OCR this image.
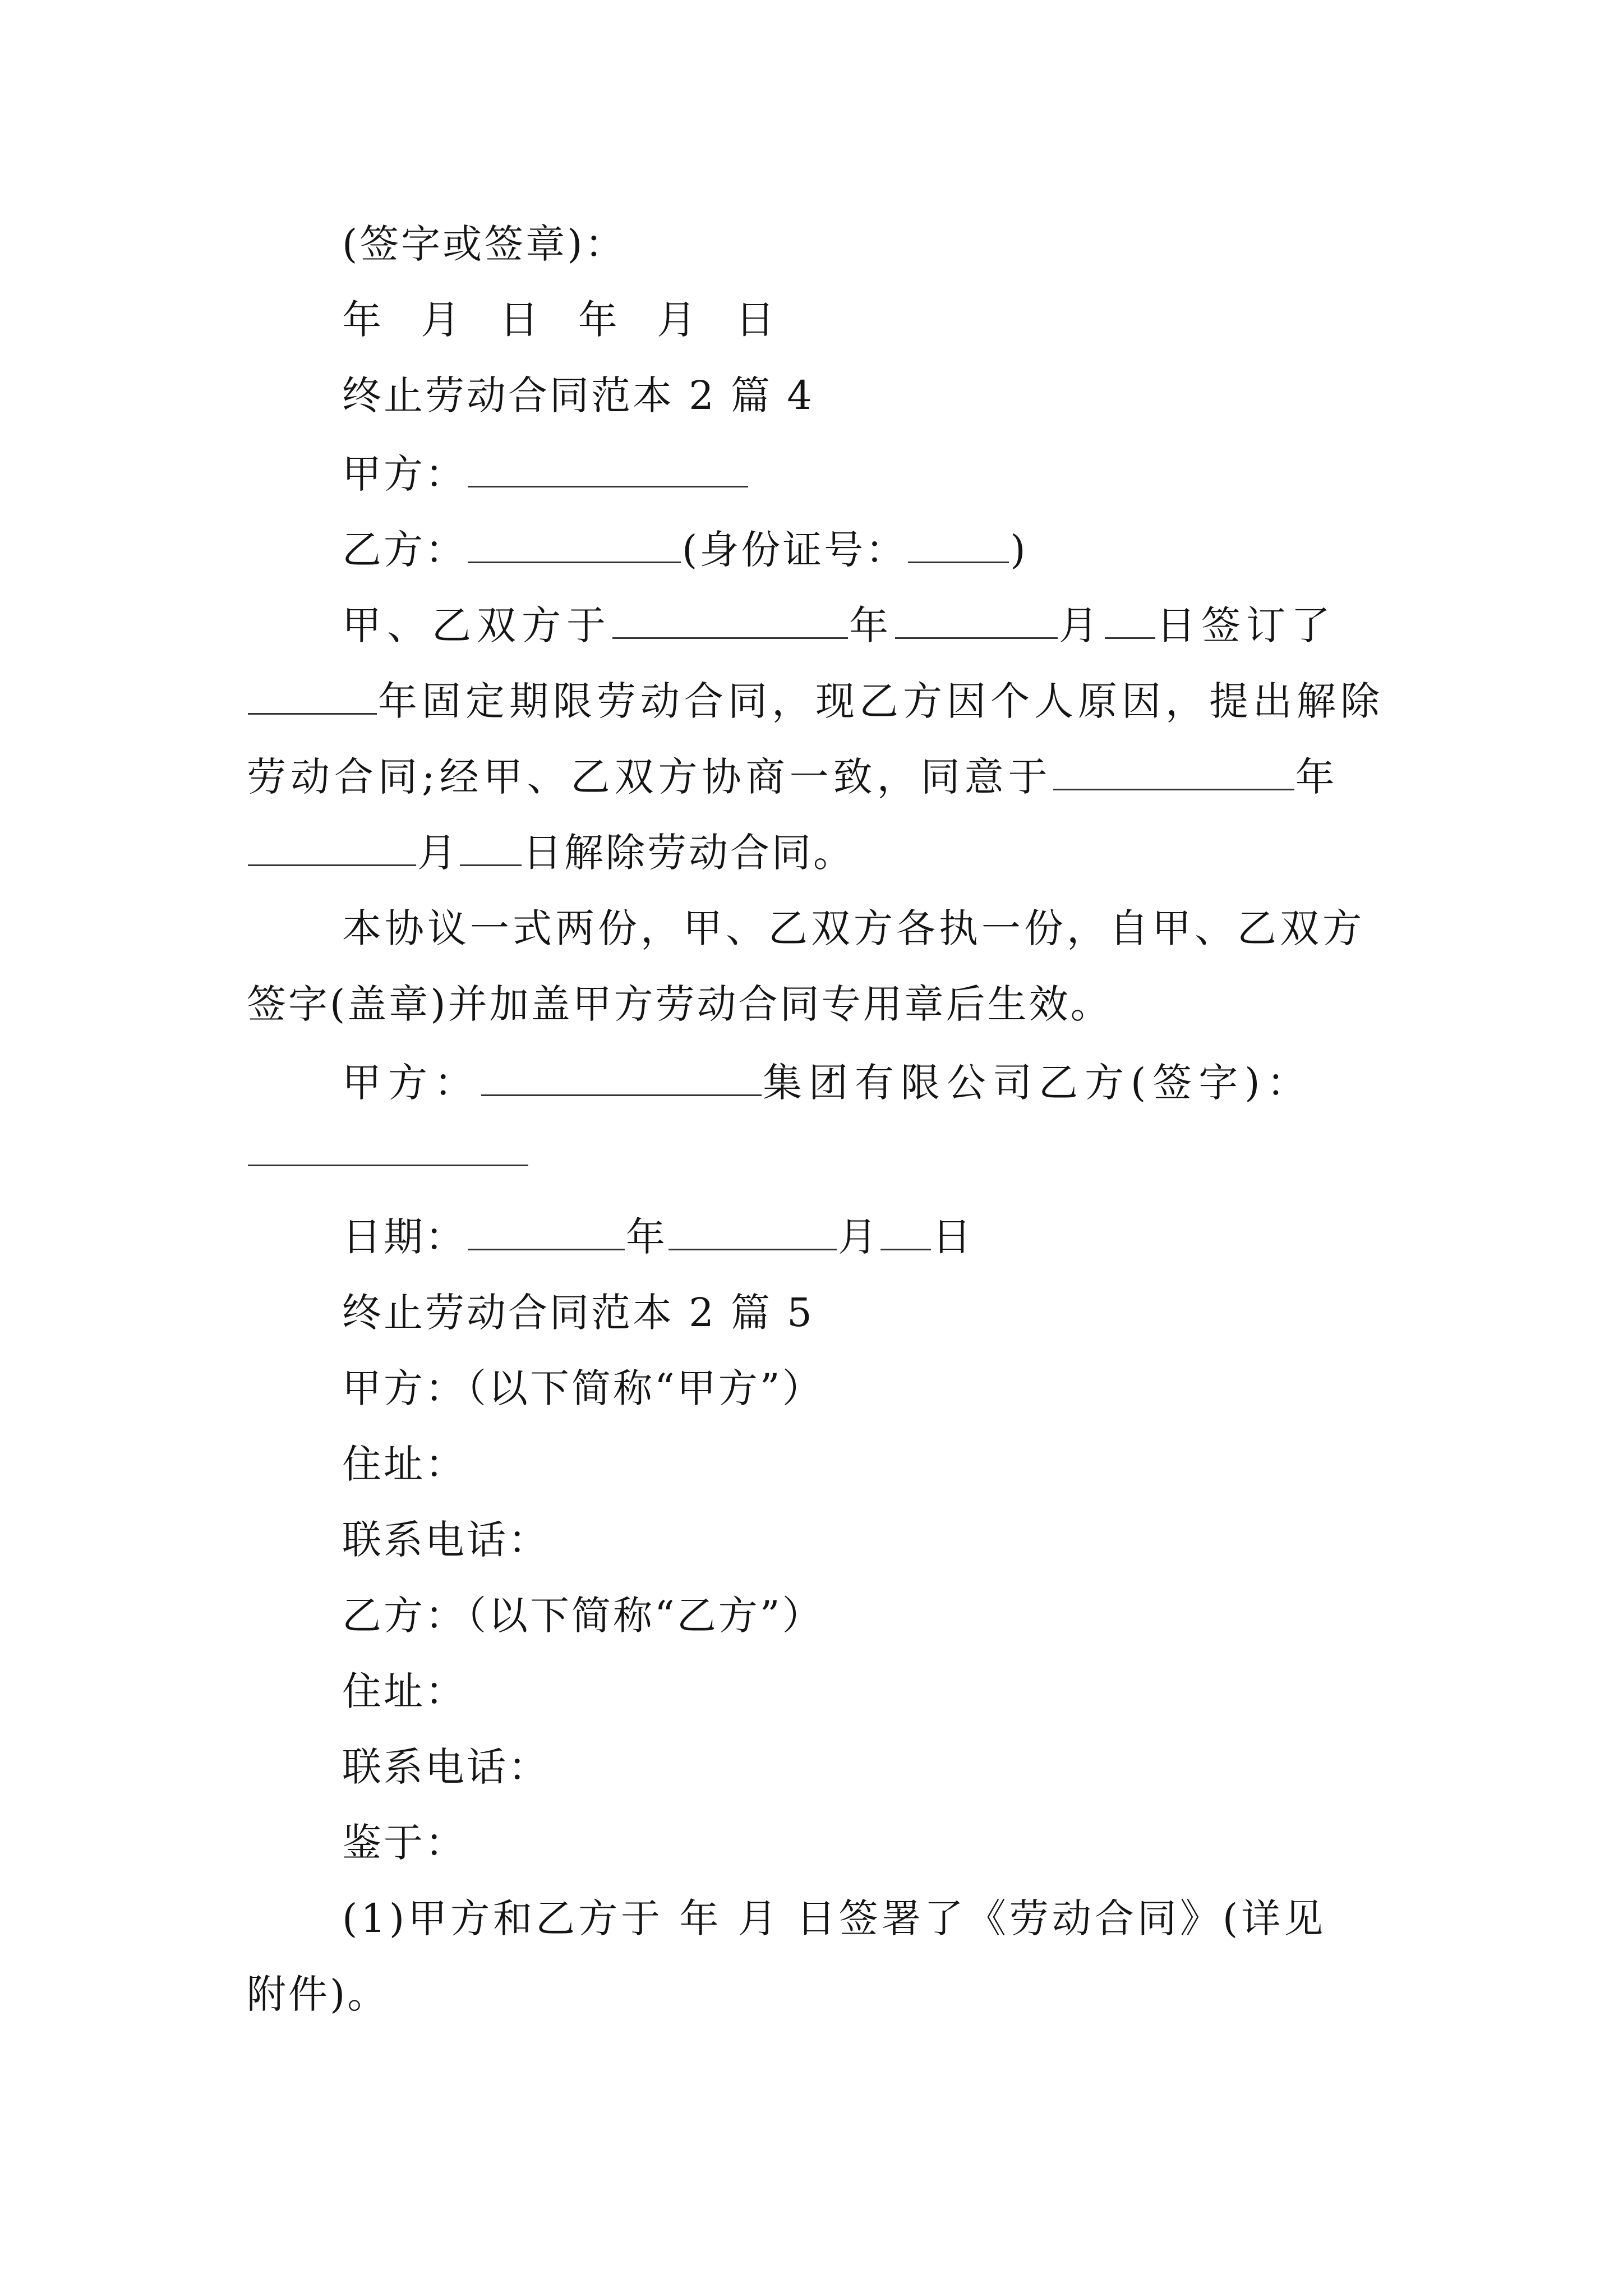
(签字或签章)：
年 月 日 年 月 日
终止劳动合同范本 2 篇 4
甲方：
乙方：	(身份证号：	)
甲、乙双方于	年	月 日签订了
年固定期限劳动合同，现乙方因个人原因，提出解除
劳动合同;经甲、乙双方协商一致，同意于	年
月 日解除劳动合同。
本协议一式两份，甲、乙双方各执一份，自甲、乙双方
签字(盖章)并加盖甲方劳动合同专用章后生效。
甲方：	集团有限公司乙方(签字)：
日期：	年	月 日
终止劳动合同范本 2 篇 5
甲方：（以下简称“甲方”）
住址：
联系电话：
乙方：（以下简称“乙方”）
住址：
联系电话：
鉴于：
(1)甲方和乙方于 年 月 日签署了《劳动合同》(详见
附件)。
